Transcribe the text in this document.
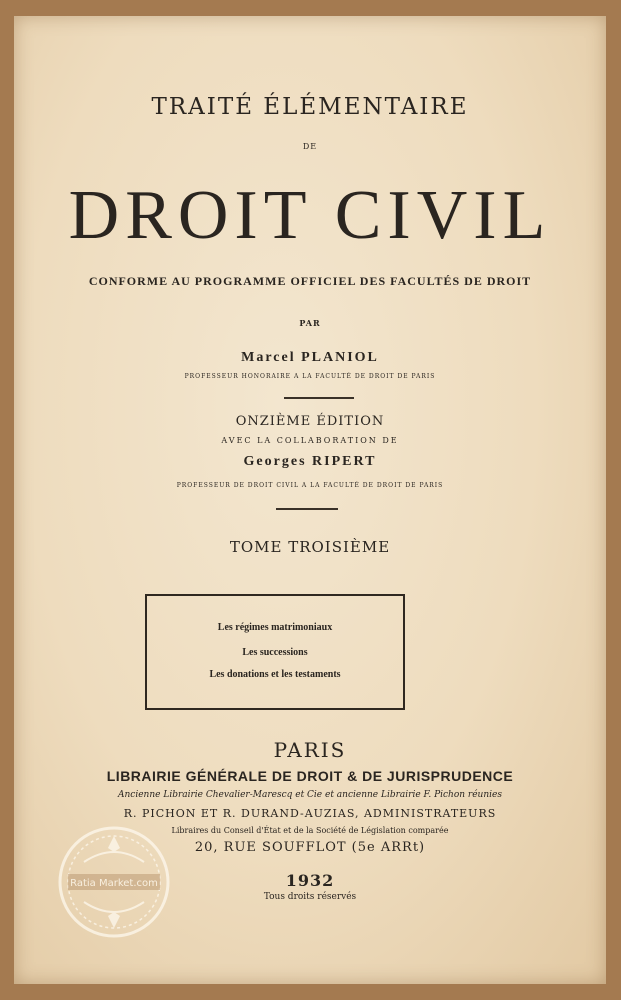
TRAITÉ ÉLÉMENTAIRE
DE
DROIT CIVIL
CONFORME AU PROGRAMME OFFICIEL DES FACULTÉS DE DROIT
PAR
Marcel PLANIOL
PROFESSEUR HONORAIRE A LA FACULTÉ DE DROIT DE PARIS
ONZIÈME ÉDITION
AVEC LA COLLABORATION DE
Georges RIPERT
PROFESSEUR DE DROIT CIVIL A LA FACULTÉ DE DROIT DE PARIS
TOME TROISIÈME
Les régimes matrimoniaux
Les successions
Les donations et les testaments
PARIS
LIBRAIRIE GÉNÉRALE DE DROIT & DE JURISPRUDENCE
Ancienne Librairie Chevalier-Marescq et Cie et ancienne Librairie F. Pichon réunies
R. PICHON ET R. DURAND-AUZIAS, ADMINISTRATEURS
Libraires du Conseil d'État et de la Société de Législation comparée
20, RUE SOUFFLOT (5e ARRt)
1932
Tous droits réservés
Ratia Market.com
